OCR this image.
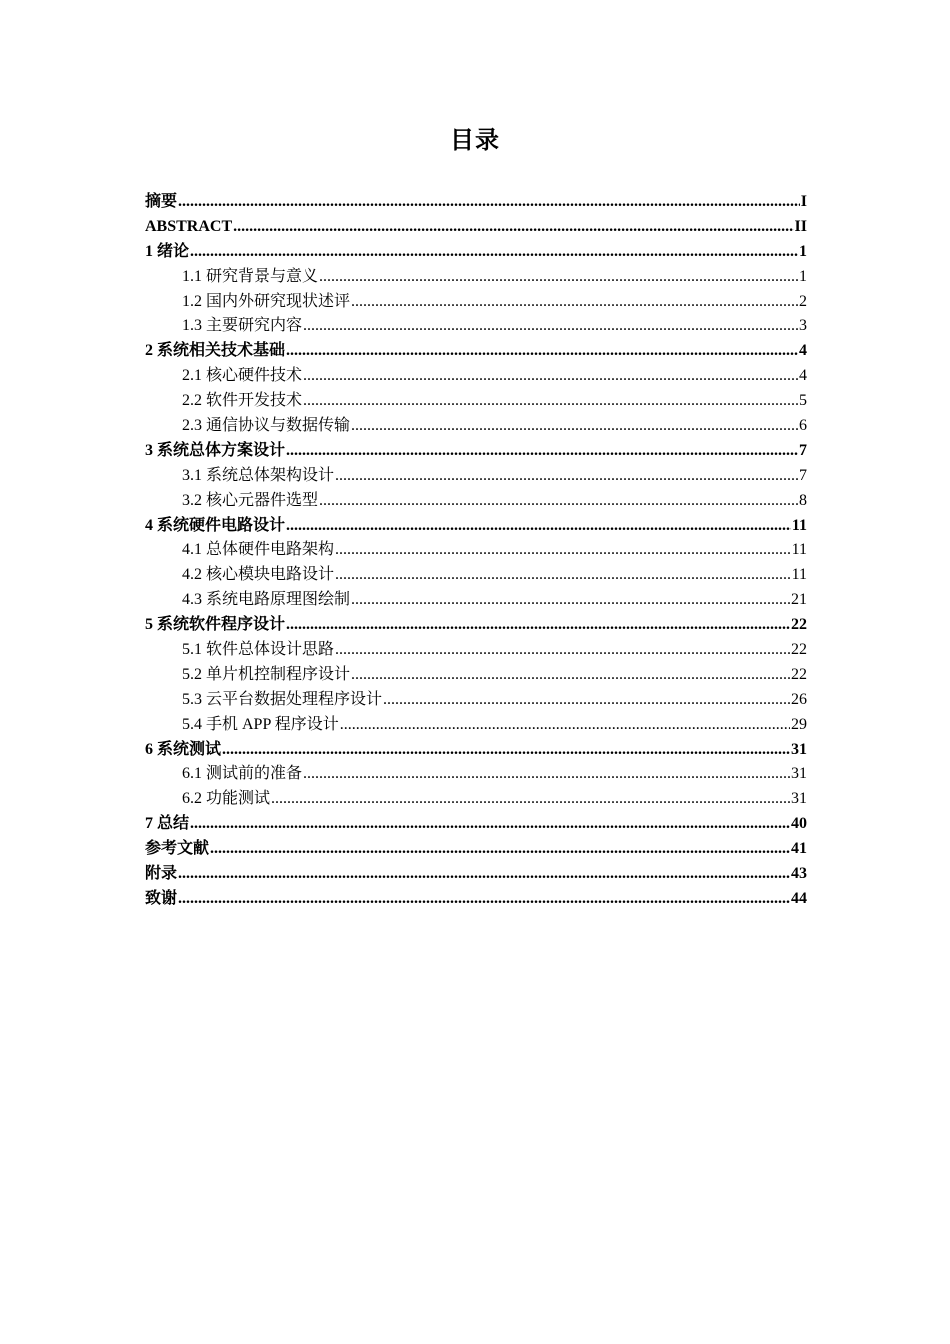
目录
摘要 .....	I
ABSTRACT .....	II
1 绪论 .....	1
1.1 研究背景与意义 .....	1
1.2 国内外研究现状述评 .....	2
1.3 主要研究内容 .....	3
2 系统相关技术基础 .....	4
2.1 核心硬件技术 .....	4
2.2 软件开发技术 .....	5
2.3 通信协议与数据传输 .....	6
3 系统总体方案设计 .....	7
3.1 系统总体架构设计 .....	7
3.2 核心元器件选型 .....	8
4 系统硬件电路设计 .....	11
4.1 总体硬件电路架构 .....	11
4.2 核心模块电路设计 .....	11
4.3 系统电路原理图绘制 .....	21
5 系统软件程序设计 .....	22
5.1 软件总体设计思路 .....	22
5.2 单片机控制程序设计 .....	22
5.3 云平台数据处理程序设计 .....	26
5.4 手机 APP 程序设计 .....	29
6 系统测试 .....	31
6.1 测试前的准备 .....	31
6.2 功能测试 .....	31
7 总结 .....	40
参考文献 .....	41
附录 .....	43
致谢 .....	44
